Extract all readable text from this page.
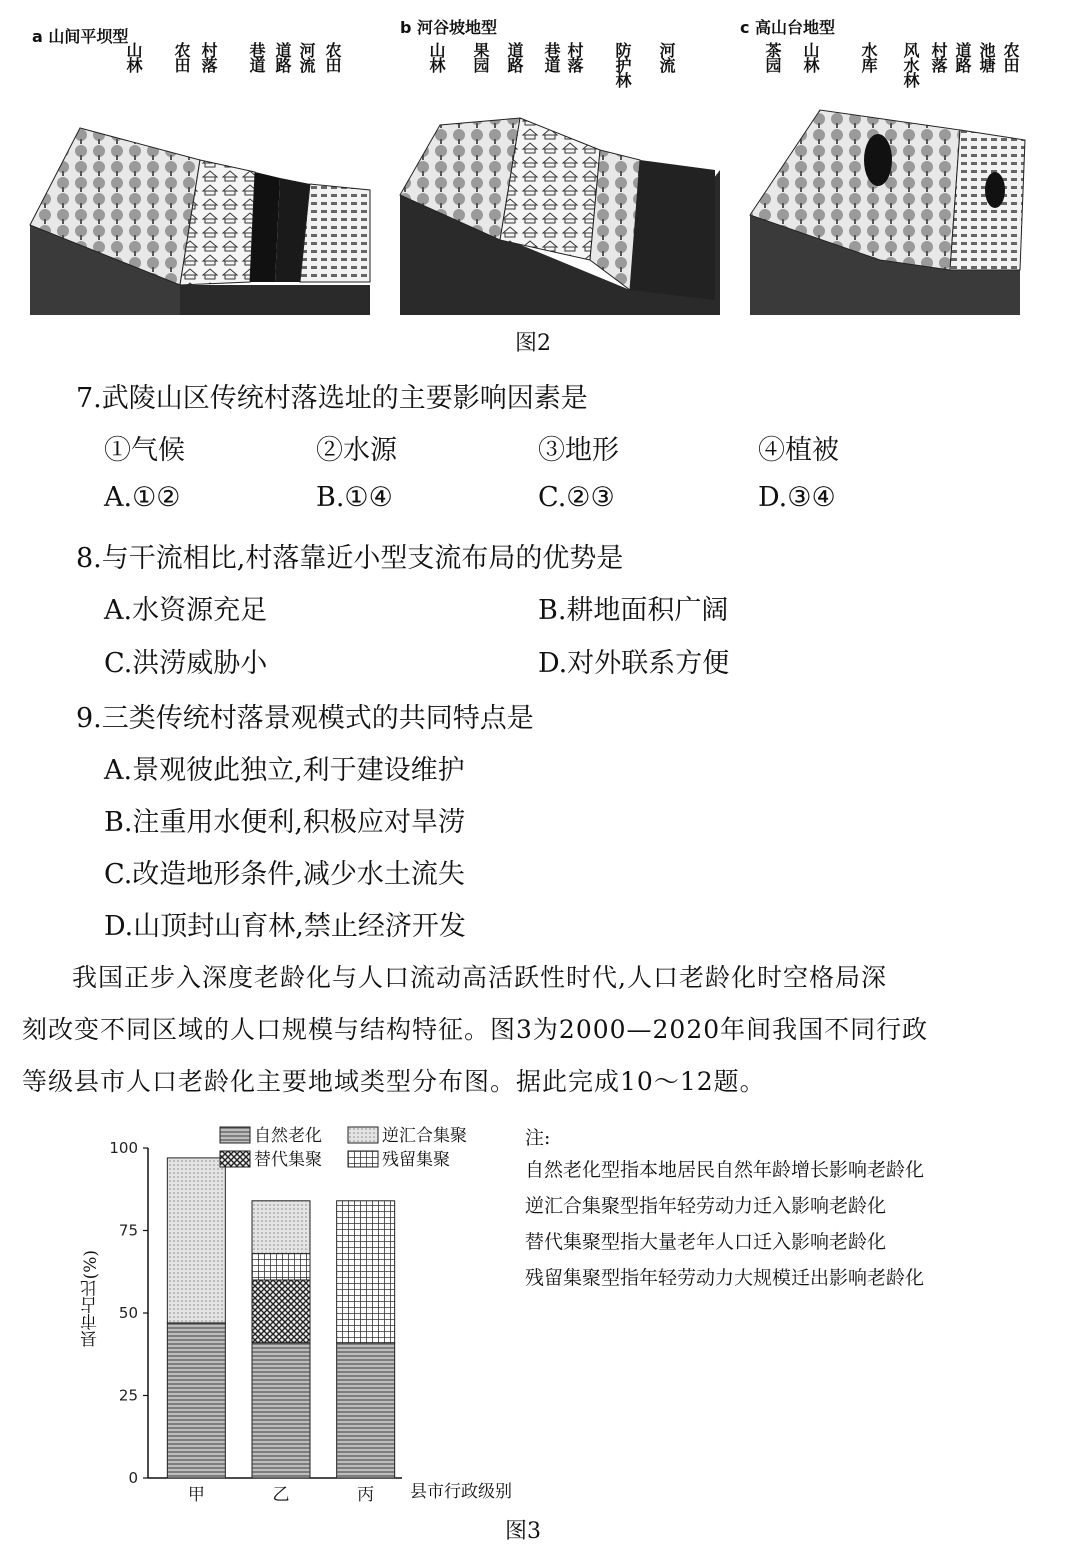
a 山间平坝型	b 河谷坡地型	c 高山台地型
山林 农田 村落 巷道 道路 河流 农田	山林 果园 道路 巷道 村落 防护林 河流	茶园 山林 水库 风水林 村落 道路 池塘 农田
图2
7.武陵山区传统村落选址的主要影响因素是
①气候	②水源	③地形	④植被
A.①②	B.①④	C.②③	D.③④
8.与干流相比,村落靠近小型支流布局的优势是
A.水资源充足	B.耕地面积广阔
C.洪涝威胁小	D.对外联系方便
9.三类传统村落景观模式的共同特点是
A.景观彼此独立,利于建设维护
B.注重用水便利,积极应对旱涝
C.改造地形条件,减少水土流失
D.山顶封山育林,禁止经济开发
我国正步入深度老龄化与人口流动高活跃性时代,人口老龄化时空格局深
刻改变不同区域的人口规模与结构特征。图3为2000—2020年间我国不同行政
等级县市人口老龄化主要地域类型分布图。据此完成10～12题。
0
25
50
75
100
甲	乙	丙
自然老化	逆汇合集聚
替代集聚	残留集聚
县市行政级别
县市占比(%)
图3
注:
自然老化型指本地居民自然年龄增长影响老龄化
逆汇合集聚型指年轻劳动力迁入影响老龄化
替代集聚型指大量老年人口迁入影响老龄化
残留集聚型指年轻劳动力大规模迁出影响老龄化
